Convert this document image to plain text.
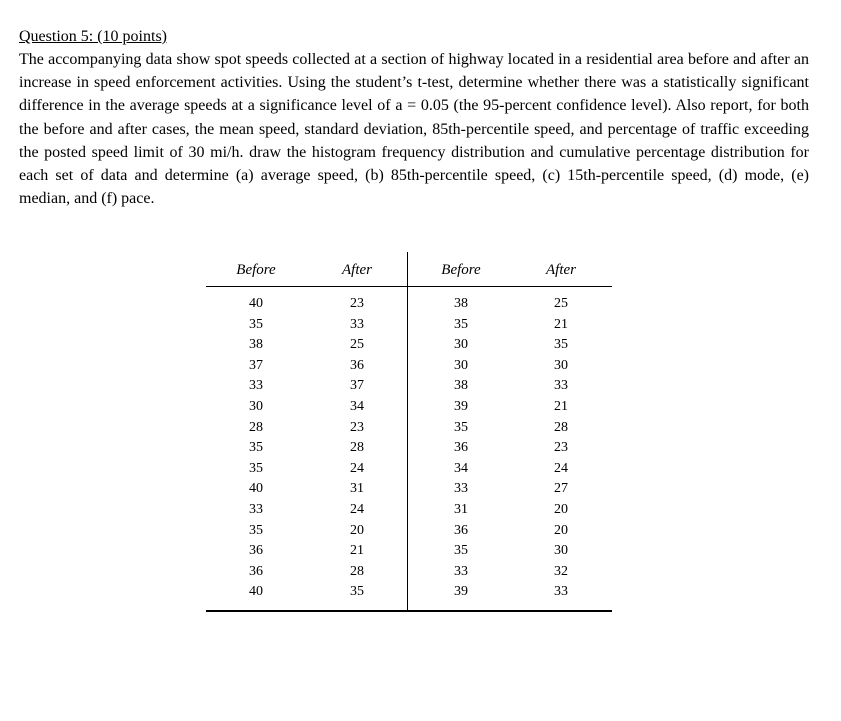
Question 5: (10 points)

The accompanying data show spot speeds collected at a section of highway located in a residential area before and after an increase in speed enforcement activities. Using the student’s t-test, determine whether there was a statistically significant difference in the average speeds at a significance level of a = 0.05 (the 95-percent confidence level). Also report, for both the before and after cases, the mean speed, standard deviation, 85th-percentile speed, and percentage of traffic exceeding the posted speed limit of 30 mi/h. draw the histogram frequency distribution and cumulative percentage distribution for each set of data and determine (a) average speed, (b) 85th-percentile speed, (c) 15th-percentile speed, (d) mode, (e) median, and (f) pace.

Before
40
35
38
37
33
30
28
35
35
40
33
35
36
36
40
After
23
33
25
36
37
34
23
28
24
31
24
20
21
28
35
Before
38
35
30
30
38
39
35
36
34
33
31
36
35
33
39
After
25
21
35
30
33
21
28
23
24
27
20
20
30
32
33
